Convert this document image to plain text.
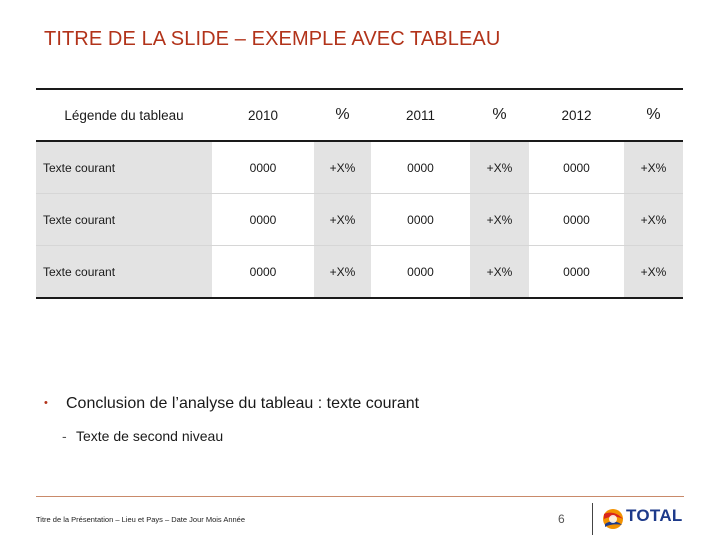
TITRE DE LA SLIDE – EXEMPLE AVEC TABLEAU
Légende du tableau	2010	%	2011	%	2012	%
Texte courant	0000	+X%	0000	+X%	0000	+X%
Texte courant	0000	+X%	0000	+X%	0000	+X%
Texte courant	0000	+X%	0000	+X%	0000	+X%
• Conclusion de l’analyse du tableau : texte courant
- Texte de second niveau
Titre de la Présentation – Lieu et Pays – Date Jour Mois Année	6	TOTAL
